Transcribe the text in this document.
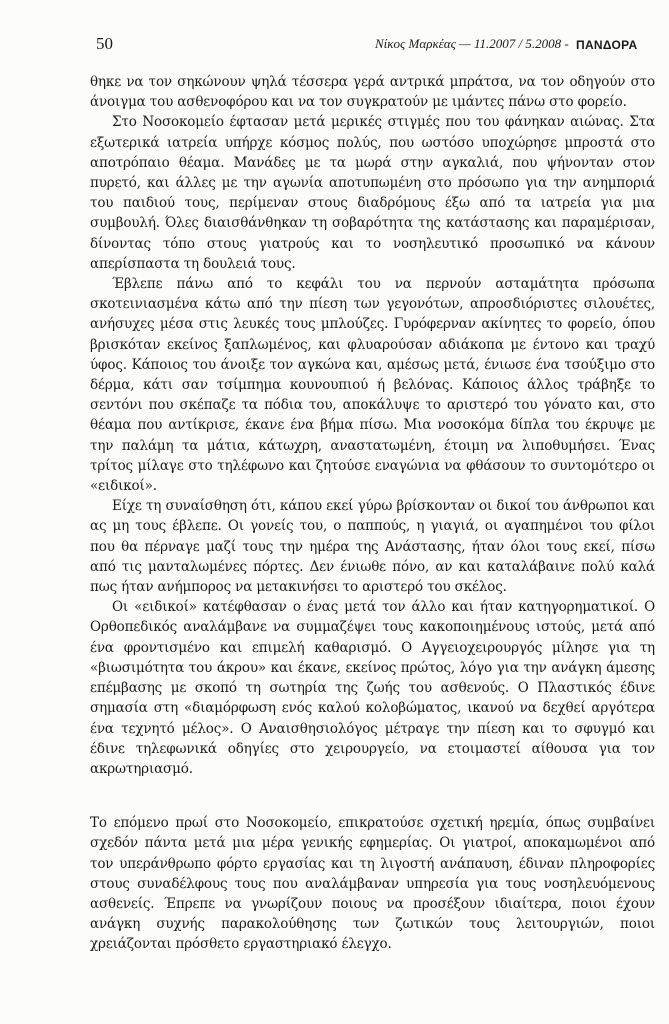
50	Νίκος Μαρκέας — 11.2007 / 5.2008 - ΠΑΝΔΟΡΑ

θηκε να τον σηκώνουν ψηλά τέσσερα γερά αντρικά μπράτσα, να τον οδηγούν στο άνοιγμα του ασθενοφόρου και να τον συγκρατούν με ιμάντες πάνω στο φορείο.

Στο Νοσοκομείο έφτασαν μετά μερικές στιγμές που του φάνηκαν αιώνας. Στα εξωτερικά ιατρεία υπήρχε κόσμος πολύς, που ωστόσο υποχώρησε μπροστά στο αποτρόπαιο θέαμα. Μανάδες με τα μωρά στην αγκαλιά, που ψήνονταν στον πυρετό, και άλλες με την αγωνία αποτυπωμένη στο πρόσωπο για την ανημποριά του παιδιού τους, περίμεναν στους διαδρόμους έξω από τα ιατρεία για μια συμβουλή. Όλες διαισθάνθηκαν τη σοβαρότητα της κατάστασης και παραμέρισαν, δίνοντας τόπο στους γιατρούς και το νοσηλευτικό προσωπικό να κάνουν απερίσπαστα τη δουλειά τους.

Έβλεπε πάνω από το κεφάλι του να περνούν ασταμάτητα πρόσωπα σκοτεινιασμένα κάτω από την πίεση των γεγονότων, απροσδιόριστες σιλουέτες, ανήσυχες μέσα στις λευκές τους μπλούζες. Γυρόφερναν ακίνητες το φορείο, όπου βρισκόταν εκείνος ξαπλωμένος, και φλυαρούσαν αδιάκοπα με έντονο και τραχύ ύφος. Κάποιος του άνοιξε τον αγκώνα και, αμέσως μετά, ένιωσε ένα τσούξιμο στο δέρμα, κάτι σαν τσίμπημα κουνουπιού ή βελόνας. Κάποιος άλλος τράβηξε το σεντόνι που σκέπαζε τα πόδια του, αποκάλυψε το αριστερό του γόνατο και, στο θέαμα που αντίκρισε, έκανε ένα βήμα πίσω. Μια νοσοκόμα δίπλα του έκρυψε με την παλάμη τα μάτια, κάτωχρη, αναστατωμένη, έτοιμη να λιποθυμήσει. Ένας τρίτος μίλαγε στο τηλέφωνο και ζητούσε εναγώνια να φθάσουν το συντομότερο οι «ειδικοί».

Είχε τη συναίσθηση ότι, κάπου εκεί γύρω βρίσκονταν οι δικοί του άνθρωποι και ας μη τους έβλεπε. Οι γονείς του, ο παππούς, η γιαγιά, οι αγαπημένοι του φίλοι που θα πέρναγε μαζί τους την ημέρα της Ανάστασης, ήταν όλοι τους εκεί, πίσω από τις μανταλωμένες πόρτες. Δεν ένιωθε πόνο, αν και καταλάβαινε πολύ καλά πως ήταν ανήμπορος να μετακινήσει το αριστερό του σκέλος.

Οι «ειδικοί» κατέφθασαν ο ένας μετά τον άλλο και ήταν κατηγορηματικοί. Ο Ορθοπεδικός αναλάμβανε να συμμαζέψει τους κακοποιημένους ιστούς, μετά από ένα φροντισμένο και επιμελή καθαρισμό. Ο Αγγειοχειρουργός μίλησε για τη «βιωσιμότητα του άκρου» και έκανε, εκείνος πρώτος, λόγο για την ανάγκη άμεσης επέμβασης με σκοπό τη σωτηρία της ζωής του ασθενούς. Ο Πλαστικός έδινε σημασία στη «διαμόρφωση ενός καλού κολοβώματος, ικανού να δεχθεί αργότερα ένα τεχνητό μέλος». Ο Αναισθησιολόγος μέτραγε την πίεση και το σφυγμό και έδινε τηλεφωνικά οδηγίες στο χειρουργείο, να ετοιμαστεί αίθουσα για τον ακρωτηριασμό.

Το επόμενο πρωί στο Νοσοκομείο, επικρατούσε σχετική ηρεμία, όπως συμβαίνει σχεδόν πάντα μετά μια μέρα γενικής εφημερίας. Οι γιατροί, αποκαμωμένοι από τον υπεράνθρωπο φόρτο εργασίας και τη λιγοστή ανάπαυση, έδιναν πληροφορίες στους συναδέλφους τους που αναλάμβαναν υπηρεσία για τους νοσηλευόμενους ασθενείς. Έπρεπε να γνωρίζουν ποιους να προσέξουν ιδιαίτερα, ποιοι έχουν ανάγκη συχνής παρακολούθησης των ζωτικών τους λειτουργιών, ποιοι χρειάζονται πρόσθετο εργαστηριακό έλεγχο.
